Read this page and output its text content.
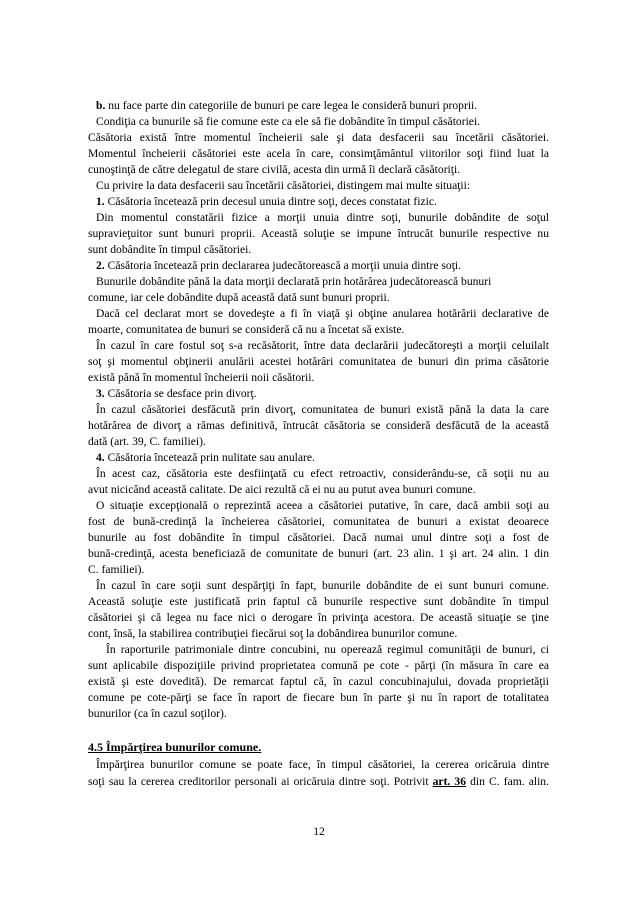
b. nu face parte din categoriile de bunuri pe care legea le consideră bunuri proprii.
Condiţia ca bunurile să fie comune este ca ele să fie dobândite în timpul căsătoriei.
Căsătoria există între momentul încheierii sale şi data desfacerii sau încetării căsătoriei.
Momentul încheierii căsătoriei este acela în care, consimţământul viitorilor soţi fiind luat la
cunoştinţă de către delegatul de stare civilă, acesta din urmă îi declară căsătoriţi.
Cu privire la data desfacerii sau încetării căsătoriei, distingem mai multe situaţii:
1. Căsătoria încetează prin decesul unuia dintre soţi, deces constatat fizic.
Din momentul constatării fizice a morţii unuia dintre soţi, bunurile dobândite de soţul
supravieţuitor sunt bunuri proprii. Această soluţie se impune întrucât bunurile respective nu
sunt dobândite în timpul căsătoriei.
2. Căsătoria încetează prin declararea judecătorească a morţii unuia dintre soţi.
Bunurile dobândite până la data morţii declarată prin hotărârea judecătorească bunuri
comune, iar cele dobândite după această dată sunt bunuri proprii.
Dacă cel declarat mort se dovedeşte a fi în viaţă şi obţine anularea hotărârii declarative de
moarte, comunitatea de bunuri se consideră că nu a încetat să existe.
În cazul în care fostul soţ s-a recăsătorit, între data declarării judecătoreşti a morţii celuilalt
soţ şi momentul obţinerii anulării acestei hotărâri comunitatea de bunuri din prima căsătorie
există până în momentul încheierii noii căsătorii.
3. Căsătoria se desface prin divorţ.
În cazul căsătoriei desfăcută prin divorţ, comunitatea de bunuri există până la data la care
hotărârea de divorţ a rămas definitivă, întrucât căsătoria se consideră desfăcută de la această
dată (art. 39, C. familiei).
4. Căsătoria încetează prin nulitate sau anulare.
În acest caz, căsătoria este desfiinţată cu efect retroactiv, considerându-se, că soţii nu au
avut nicicând această calitate. De aici rezultă că ei nu au putut avea bunuri comune.
O situaţie excepţională o reprezintă aceea a căsătoriei putative, în care, dacă ambii soţi au
fost de bună-credinţă la încheierea căsătoriei, comunitatea de bunuri a existat deoarece
bunurile au fost dobândite în timpul căsătoriei. Dacă numai unul dintre soţi a fost de
bună-credinţă, acesta beneficiază de comunitate de bunuri (art. 23 alin. 1 şi art. 24 alin. 1 din
C. familiei).
În cazul în care soţii sunt despărţiţi în fapt, bunurile dobândite de ei sunt bunuri comune.
Această soluţie este justificată prin faptul că bunurile respective sunt dobândite în timpul
căsătoriei şi că legea nu face nici o derogare în privinţa acestora. De această situaţie se ţine
cont, însă, la stabilirea contribuţiei fiecărui soţ la dobândirea bunurilor comune.
În raporturile patrimoniale dintre concubini, nu operează regimul comunităţii de bunuri, ci
sunt aplicabile dispoziţiile privind proprietatea comună pe cote - părţi (în măsura în care ea
există şi este dovedită). De remarcat faptul că, în cazul concubinajului, dovada proprietăţii
comune pe cote-părţi se face în raport de fiecare bun în parte şi nu în raport de totalitatea
bunurilor (ca în cazul soţilor).
4.5 Împărţirea bunurilor comune.
Împărţirea bunurilor comune se poate face, în timpul căsătoriei, la cererea oricăruia dintre
soţi sau la cererea creditorilor personali ai oricăruia dintre soţi. Potrivit art. 36 din C. fam. alin.
12
